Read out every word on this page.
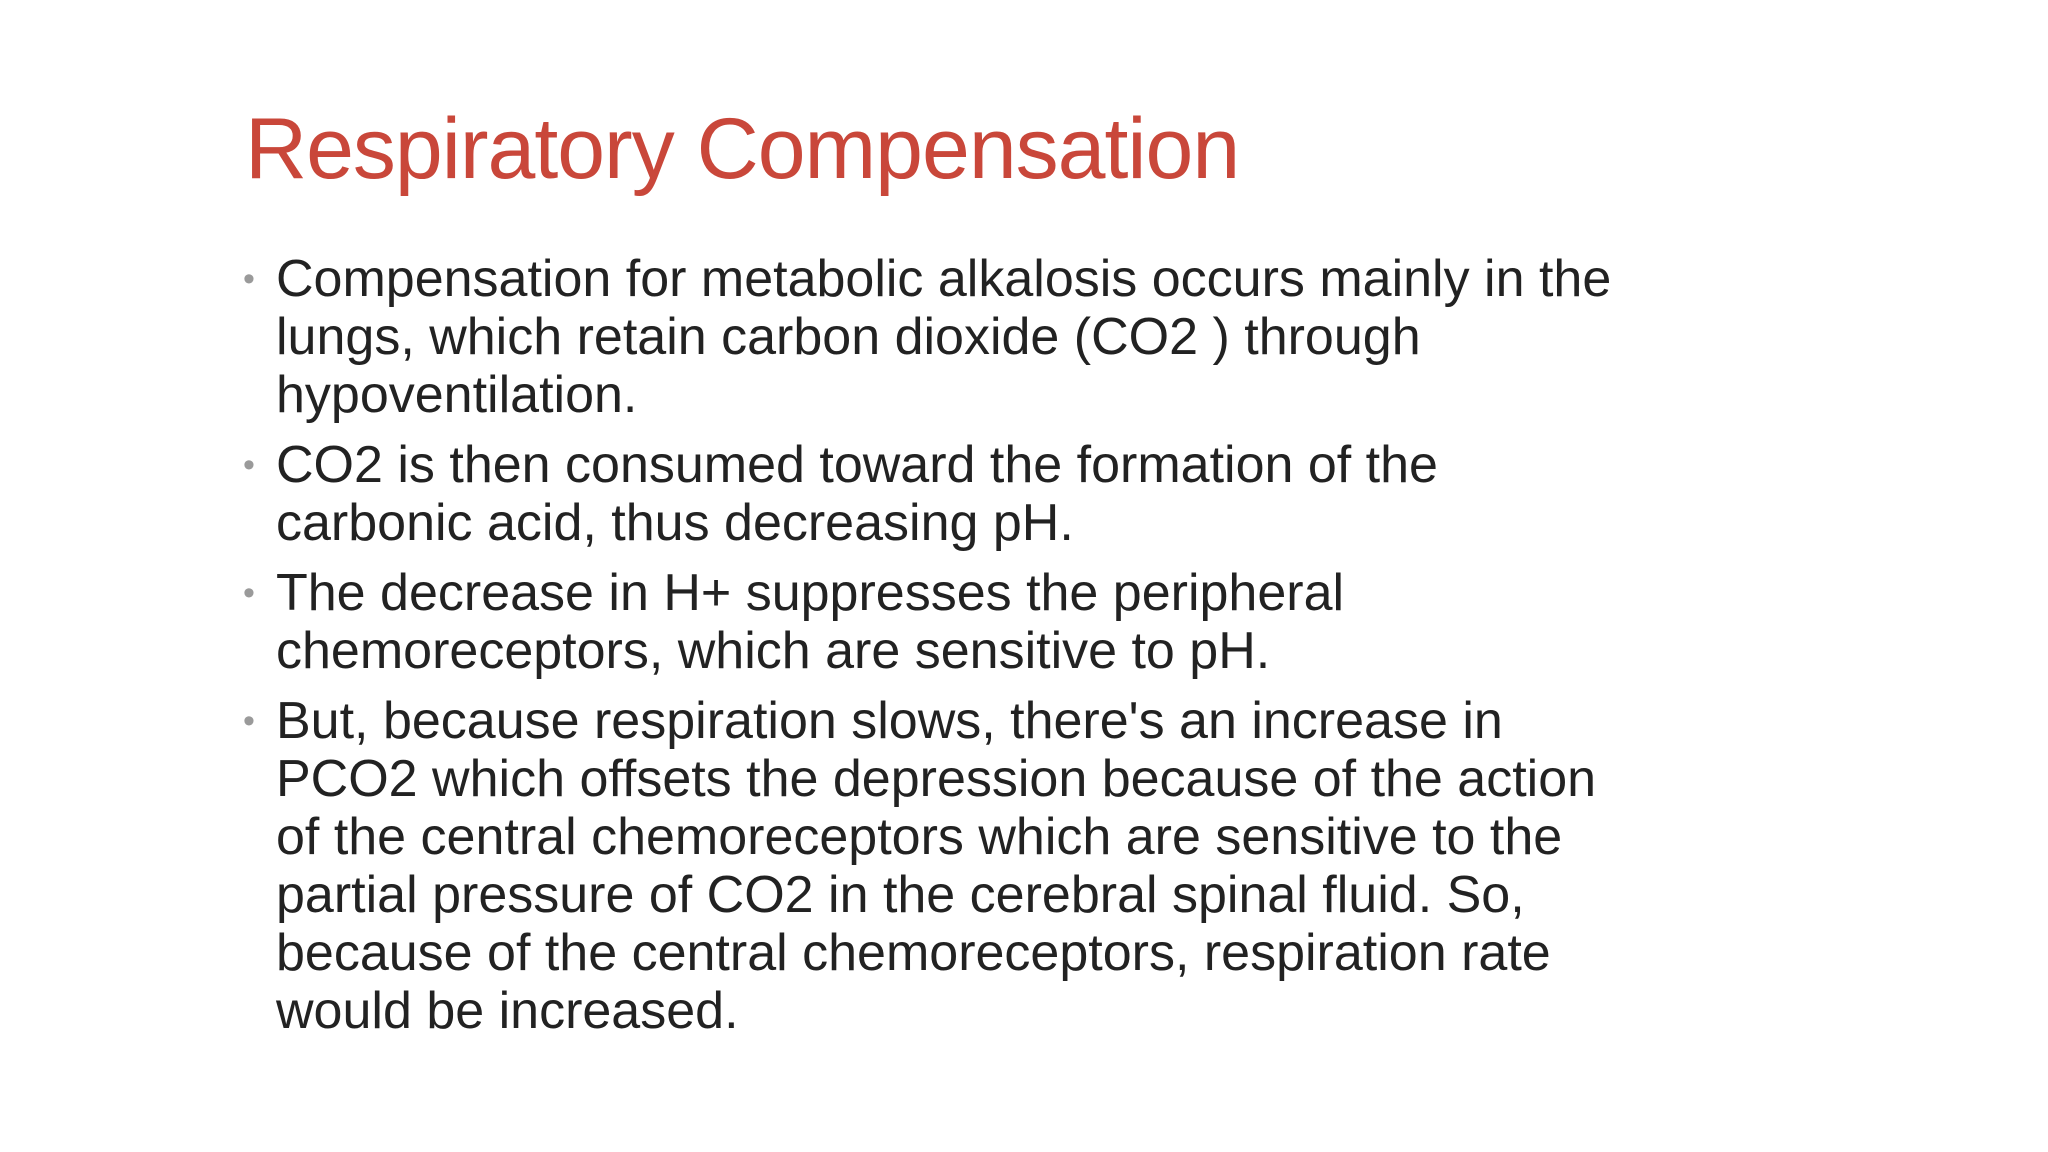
Respiratory Compensation
• Compensation for metabolic alkalosis occurs mainly in the
lungs, which retain carbon dioxide (CO2 ) through
hypoventilation.
• CO2 is then consumed toward the formation of the
carbonic acid, thus decreasing pH.
• The decrease in H+ suppresses the peripheral
chemoreceptors, which are sensitive to pH.
• But, because respiration slows, there's an increase in
PCO2 which offsets the depression because of the action
of the central chemoreceptors which are sensitive to the
partial pressure of CO2 in the cerebral spinal fluid. So,
because of the central chemoreceptors, respiration rate
would be increased.
